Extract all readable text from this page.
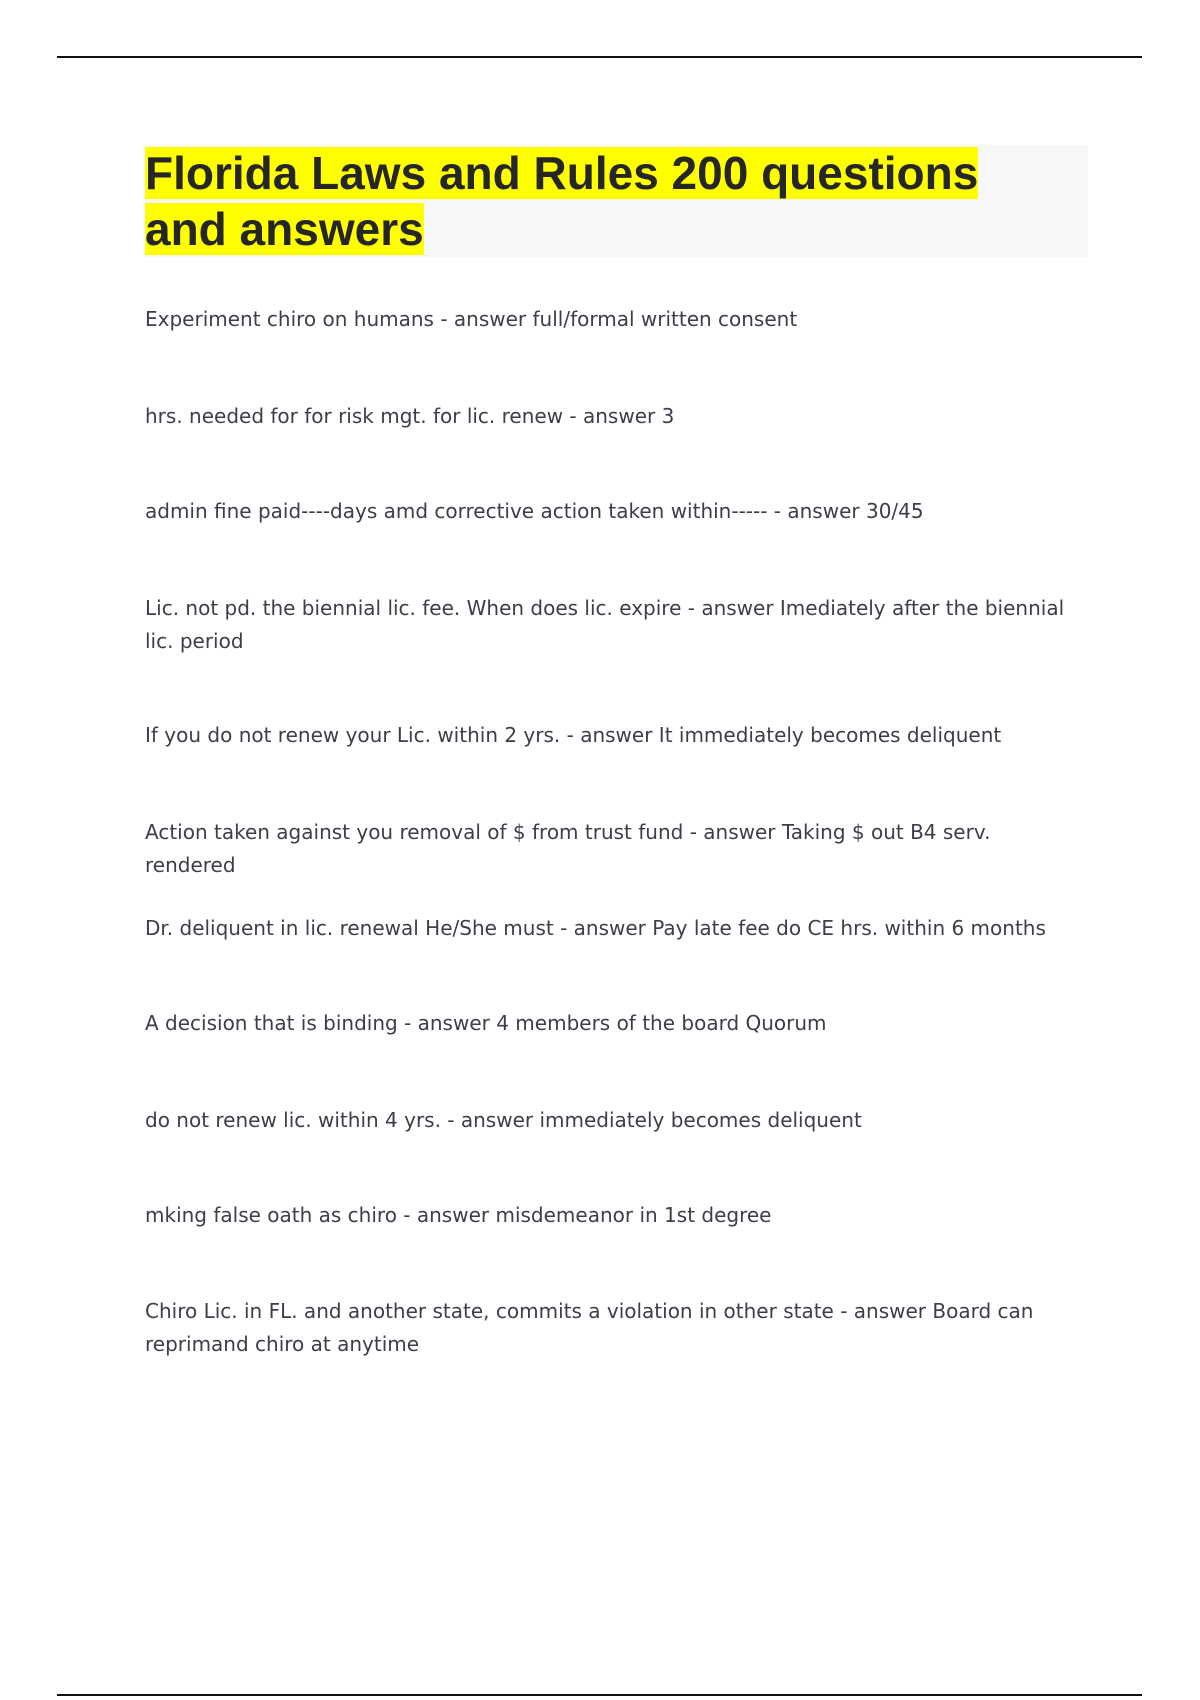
Florida Laws and Rules 200 questions and answers

Experiment chiro on humans - answer full/formal written consent

hrs. needed for for risk mgt. for lic. renew - answer 3

admin fine paid----days amd corrective action taken within----- - answer 30/45

Lic. not pd. the biennial lic. fee. When does lic. expire - answer Imediately after the biennial lic. period

If you do not renew your Lic. within 2 yrs. - answer It immediately becomes deliquent

Action taken against you removal of $ from trust fund - answer Taking $ out B4 serv. rendered

Dr. deliquent in lic. renewal He/She must - answer Pay late fee do CE hrs. within 6 months

A decision that is binding - answer 4 members of the board Quorum

do not renew lic. within 4 yrs. - answer immediately becomes deliquent

mking false oath as chiro - answer misdemeanor in 1st degree

Chiro Lic. in FL. and another state, commits a violation in other state - answer Board can reprimand chiro at anytime
